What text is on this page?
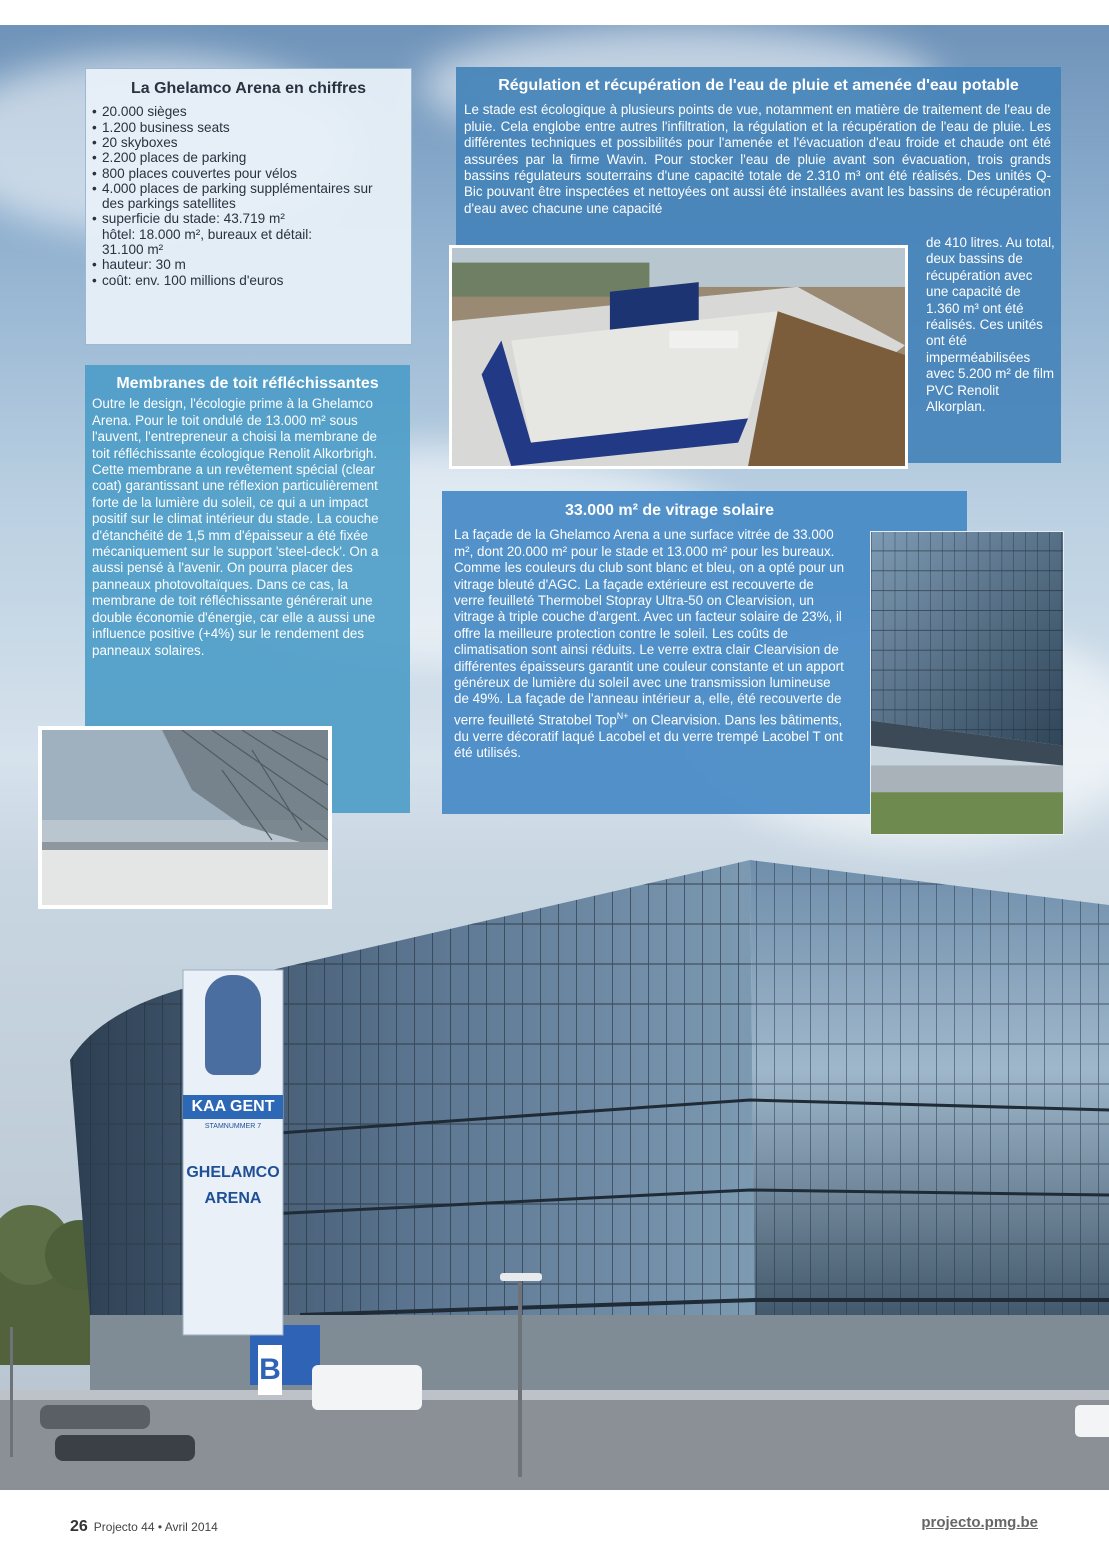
KAA GENT
STAMNUMMER 7
GHELAMCO
ARENA
B
La Ghelamco Arena en chiffres
• 20.000 sièges
• 1.200 business seats
• 20 skyboxes
• 2.200 places de parking
• 800 places couvertes pour vélos
• 4.000 places de parking supplémentaires sur des parkings satellites
• superficie du stade: 43.719 m² hôtel: 18.000 m², bureaux et détail: 31.100 m²
• hauteur: 30 m
• coût: env. 100 millions d'euros
Régulation et récupération de l'eau de pluie et amenée d'eau potable

Le stade est écologique à plusieurs points de vue, notamment en matière de traitement de l'eau de pluie. Cela englobe entre autres l'infiltration, la régulation et la récupération de l'eau de pluie. Les différentes techniques et possibilités pour l'amenée et l'évacuation d'eau froide et chaude ont été assurées par la firme Wavin. Pour stocker l'eau de pluie avant son évacuation, trois grands bassins régulateurs souterrains d'une capacité totale de 2.310 m³ ont été réalisés. Des unités Q-Bic pouvant être inspectées et nettoyées ont aussi été installées avant les bassins de récupération d'eau avec chacune une capacité

de 410 litres. Au total, deux bassins de récupération avec une capacité de 1.360 m³ ont été réalisés. Ces unités ont été imperméabilisées avec 5.200 m² de film PVC Renolit Alkorplan.

Membranes de toit réfléchissantes

Outre le design, l'écologie prime à la Ghelamco Arena. Pour le toit ondulé de 13.000 m² sous l'auvent, l'entrepreneur a choisi la membrane de toit réfléchissante écologique Renolit Alkorbrigh. Cette membrane a un revêtement spécial (clear coat) garantissant une réflexion particulièrement forte de la lumière du soleil, ce qui a un impact positif sur le climat intérieur du stade. La couche d'étanchéité de 1,5 mm d'épaisseur a été fixée mécaniquement sur le support 'steel-deck'. On a aussi pensé à l'avenir. On pourra placer des panneaux photovoltaïques. Dans ce cas, la membrane de toit réfléchissante générerait une double économie d'énergie, car elle a aussi une influence positive (+4%) sur le rendement des panneaux solaires.

33.000 m² de vitrage solaire

La façade de la Ghelamco Arena a une surface vitrée de 33.000 m², dont 20.000 m² pour le stade et 13.000 m² pour les bureaux. Comme les couleurs du club sont blanc et bleu, on a opté pour un vitrage bleuté d'AGC. La façade extérieure est recouverte de verre feuilleté Thermobel Stopray Ultra-50 on Clearvision, un vitrage à triple couche d'argent. Avec un facteur solaire de 23%, il offre la meilleure protection contre le soleil. Les coûts de climatisation sont ainsi réduits. Le verre extra clair Clearvision de différentes épaisseurs garantit une couleur constante et un apport généreux de lumière du soleil avec une transmission lumineuse de 49%. La façade de l'anneau intérieur a, elle, été recouverte de verre feuilleté Stratobel Top$^{N+}$ on Clearvision. Dans les bâtiments, du verre décoratif laqué Lacobel et du verre trempé Lacobel T ont été utilisés.

26 Projecto 44 • Avril 2014	projecto.pmg.be
